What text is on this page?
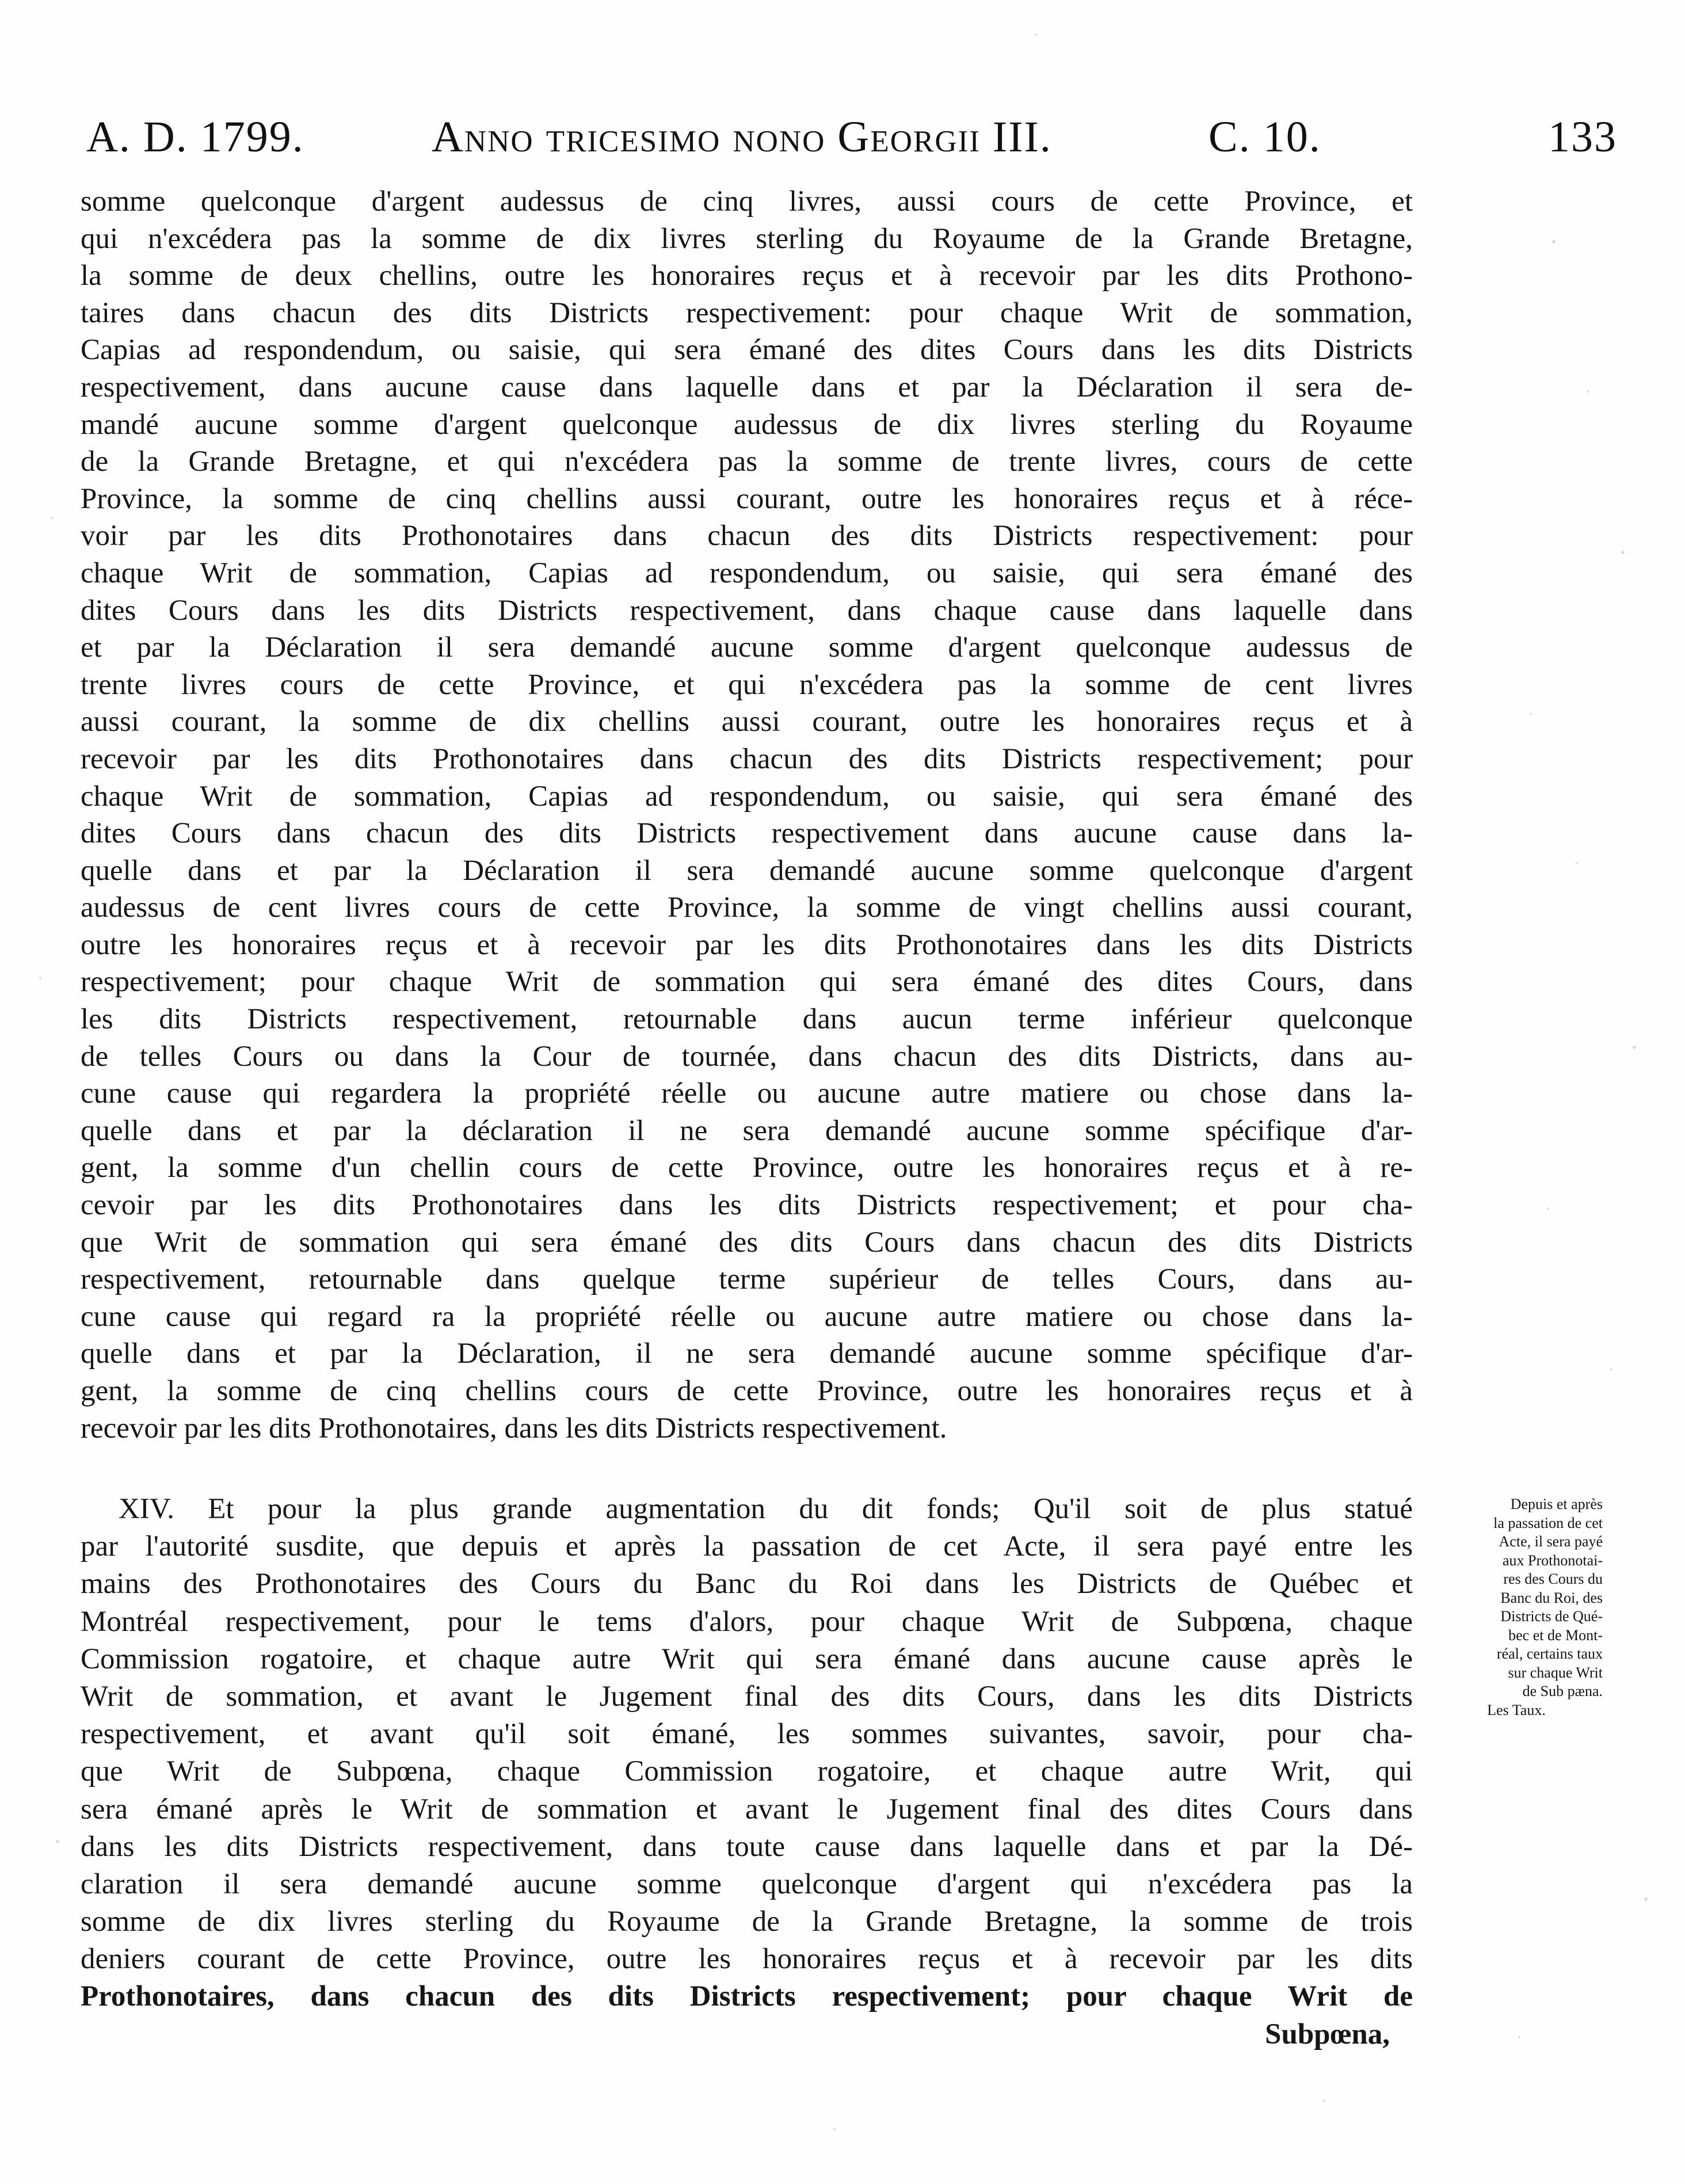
A. D. 1799.	Anno tricesimo nono Georgii III.	C. 10.	133
somme quelconque d'argent audessus de cinq livres, aussi cours de cette Province, et
qui n'excédera pas la somme de dix livres sterling du Royaume de la Grande Bretagne,
la somme de deux chellins, outre les honoraires reçus et à recevoir par les dits Prothono-
taires dans chacun des dits Districts respectivement: pour chaque Writ de sommation,
Capias ad respondendum, ou saisie, qui sera émané des dites Cours dans les dits Districts
respectivement, dans aucune cause dans laquelle dans et par la Déclaration il sera de-
mandé aucune somme d'argent quelconque audessus de dix livres sterling du Royaume
de la Grande Bretagne, et qui n'excédera pas la somme de trente livres, cours de cette
Province, la somme de cinq chellins aussi courant, outre les honoraires reçus et à réce-
voir par les dits Prothonotaires dans chacun des dits Districts respectivement: pour
chaque Writ de sommation, Capias ad respondendum, ou saisie, qui sera émané des
dites Cours dans les dits Districts respectivement, dans chaque cause dans laquelle dans
et par la Déclaration il sera demandé aucune somme d'argent quelconque audessus de
trente livres cours de cette Province, et qui n'excédera pas la somme de cent livres
aussi courant, la somme de dix chellins aussi courant, outre les honoraires reçus et à
recevoir par les dits Prothonotaires dans chacun des dits Districts respectivement; pour
chaque Writ de sommation, Capias ad respondendum, ou saisie, qui sera émané des
dites Cours dans chacun des dits Districts respectivement dans aucune cause dans la-
quelle dans et par la Déclaration il sera demandé aucune somme quelconque d'argent
audessus de cent livres cours de cette Province, la somme de vingt chellins aussi courant,
outre les honoraires reçus et à recevoir par les dits Prothonotaires dans les dits Districts
respectivement; pour chaque Writ de sommation qui sera émané des dites Cours, dans
les dits Districts respectivement, retournable dans aucun terme inférieur quelconque
de telles Cours ou dans la Cour de tournée, dans chacun des dits Districts, dans au-
cune cause qui regardera la propriété réelle ou aucune autre matiere ou chose dans la-
quelle dans et par la déclaration il ne sera demandé aucune somme spécifique d'ar-
gent, la somme d'un chellin cours de cette Province, outre les honoraires reçus et à re-
cevoir par les dits Prothonotaires dans les dits Districts respectivement; et pour cha-
que Writ de sommation qui sera émané des dits Cours dans chacun des dits Districts
respectivement, retournable dans quelque terme supérieur de telles Cours, dans au-
cune cause qui regard ra la propriété réelle ou aucune autre matiere ou chose dans la-
quelle dans et par la Déclaration, il ne sera demandé aucune somme spécifique d'ar-
gent, la somme de cinq chellins cours de cette Province, outre les honoraires reçus et à
recevoir par les dits Prothonotaires, dans les dits Districts respectivement.
XIV. Et pour la plus grande augmentation du dit fonds; Qu'il soit de plus statué
par l'autorité susdite, que depuis et après la passation de cet Acte, il sera payé entre les
mains des Prothonotaires des Cours du Banc du Roi dans les Districts de Québec et
Montréal respectivement, pour le tems d'alors, pour chaque Writ de Subpœna, chaque
Commission rogatoire, et chaque autre Writ qui sera émané dans aucune cause après le
Writ de sommation, et avant le Jugement final des dits Cours, dans les dits Districts
respectivement, et avant qu'il soit émané, les sommes suivantes, savoir, pour cha-
que Writ de Subpœna, chaque Commission rogatoire, et chaque autre Writ, qui
sera émané après le Writ de sommation et avant le Jugement final des dites Cours dans
dans les dits Districts respectivement, dans toute cause dans laquelle dans et par la Dé-
claration il sera demandé aucune somme quelconque d'argent qui n'excédera pas la
somme de dix livres sterling du Royaume de la Grande Bretagne, la somme de trois
deniers courant de cette Province, outre les honoraires reçus et à recevoir par les dits
Prothonotaires, dans chacun des dits Districts respectivement; pour chaque Writ de
Subpœna,
Depuis et après
la passation de cet
Acte, il sera payé
aux Prothonotai-
res des Cours du
Banc du Roi, des
Districts de Qué-
bec et de Mont-
réal, certains taux
sur chaque Writ
de Sub pæna.
Les Taux.
